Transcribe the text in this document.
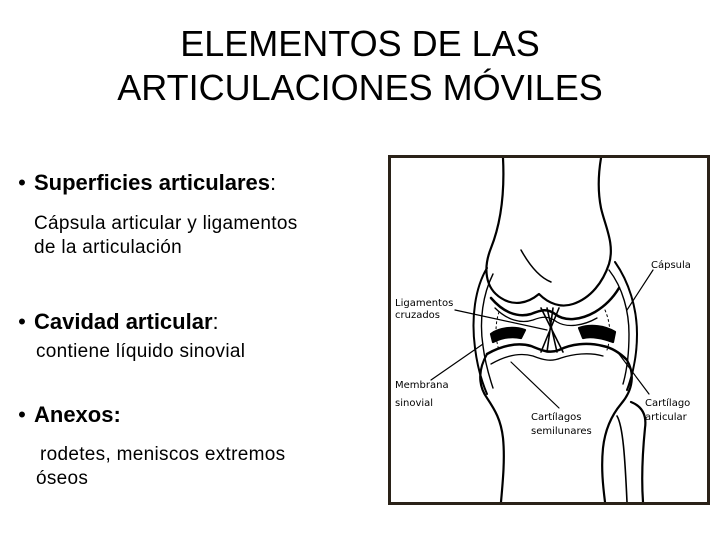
ELEMENTOS DE LAS
ARTICULACIONES MÓVILES
• Superficies articulares:
Cápsula articular y ligamentos
de la articulación
• Cavidad articular:
contiene líquido sinovial
• Anexos:
rodetes, meniscos extremos
óseos
Cápsula
Ligamentos
cruzados
Membrana
sinovial
Cartílagos
semilunares
Cartílago
articular
